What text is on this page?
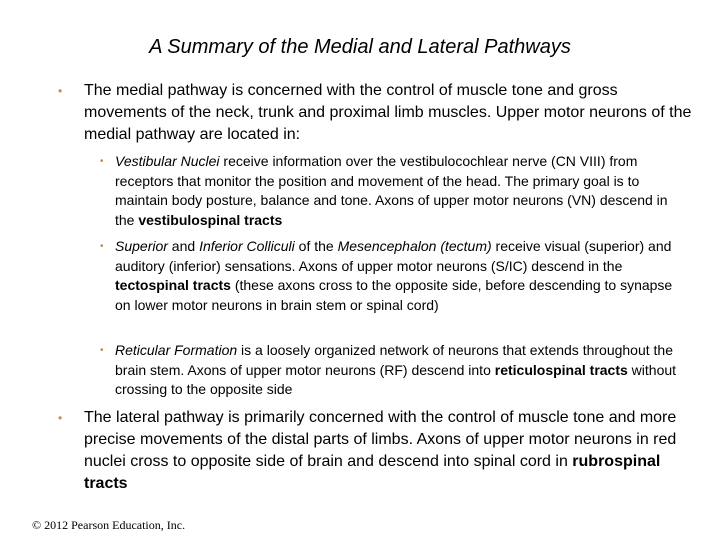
A Summary of the Medial and Lateral Pathways
• The medial pathway is concerned with the control of muscle tone and gross movements of the neck, trunk and proximal limb muscles. Upper motor neurons of the medial pathway are located in:
• Vestibular Nuclei receive information over the vestibulocochlear nerve (CN VIII) from receptors that monitor the position and movement of the head. The primary goal is to maintain body posture, balance and tone. Axons of upper motor neurons (VN) descend in the vestibulospinal tracts
• Superior and Inferior Colliculi of the Mesencephalon (tectum) receive visual (superior) and auditory (inferior) sensations. Axons of upper motor neurons (S/IC) descend in the tectospinal tracts (these axons cross to the opposite side, before descending to synapse on lower motor neurons in brain stem or spinal cord)
• Reticular Formation is a loosely organized network of neurons that extends throughout the brain stem. Axons of upper motor neurons (RF) descend into reticulospinal tracts without crossing to the opposite side
• The lateral pathway is primarily concerned with the control of muscle tone and more precise movements of the distal parts of limbs. Axons of upper motor neurons in red nuclei cross to opposite side of brain and descend into spinal cord in rubrospinal tracts
© 2012 Pearson Education, Inc.
